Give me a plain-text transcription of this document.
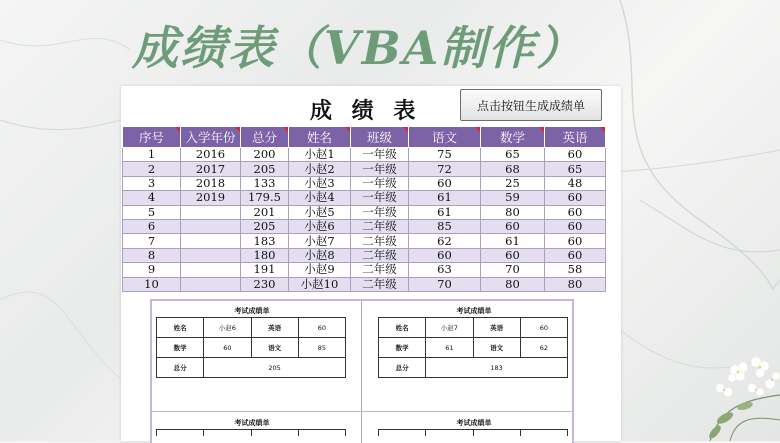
成绩表（VBA制作）
成 绩 表	点击按钮生成成绩单
序号	入学年份	总分	姓名	班级	语文	数学	英语
1	2016	200	小赵1	一年级	75	65	60
2	2017	205	小赵2	一年级	72	68	65
3	2018	133	小赵3	一年级	60	25	48
4	2019	179.5	小赵4	一年级	61	59	60
5		201	小赵5	一年级	61	80	60
6		205	小赵6	二年级	85	60	60
7		183	小赵7	二年级	62	61	60
8		180	小赵8	二年级	60	60	60
9		191	小赵9	二年级	63	70	58
10		230	小赵10	二年级	70	80	80
考试成绩单
姓名	小赵6	英语	60
数学	60	语文	85
总分	205		
考试成绩单
姓名	小赵7	英语	60
数学	61	语文	62
总分	183		
考试成绩单
				考试成绩单
